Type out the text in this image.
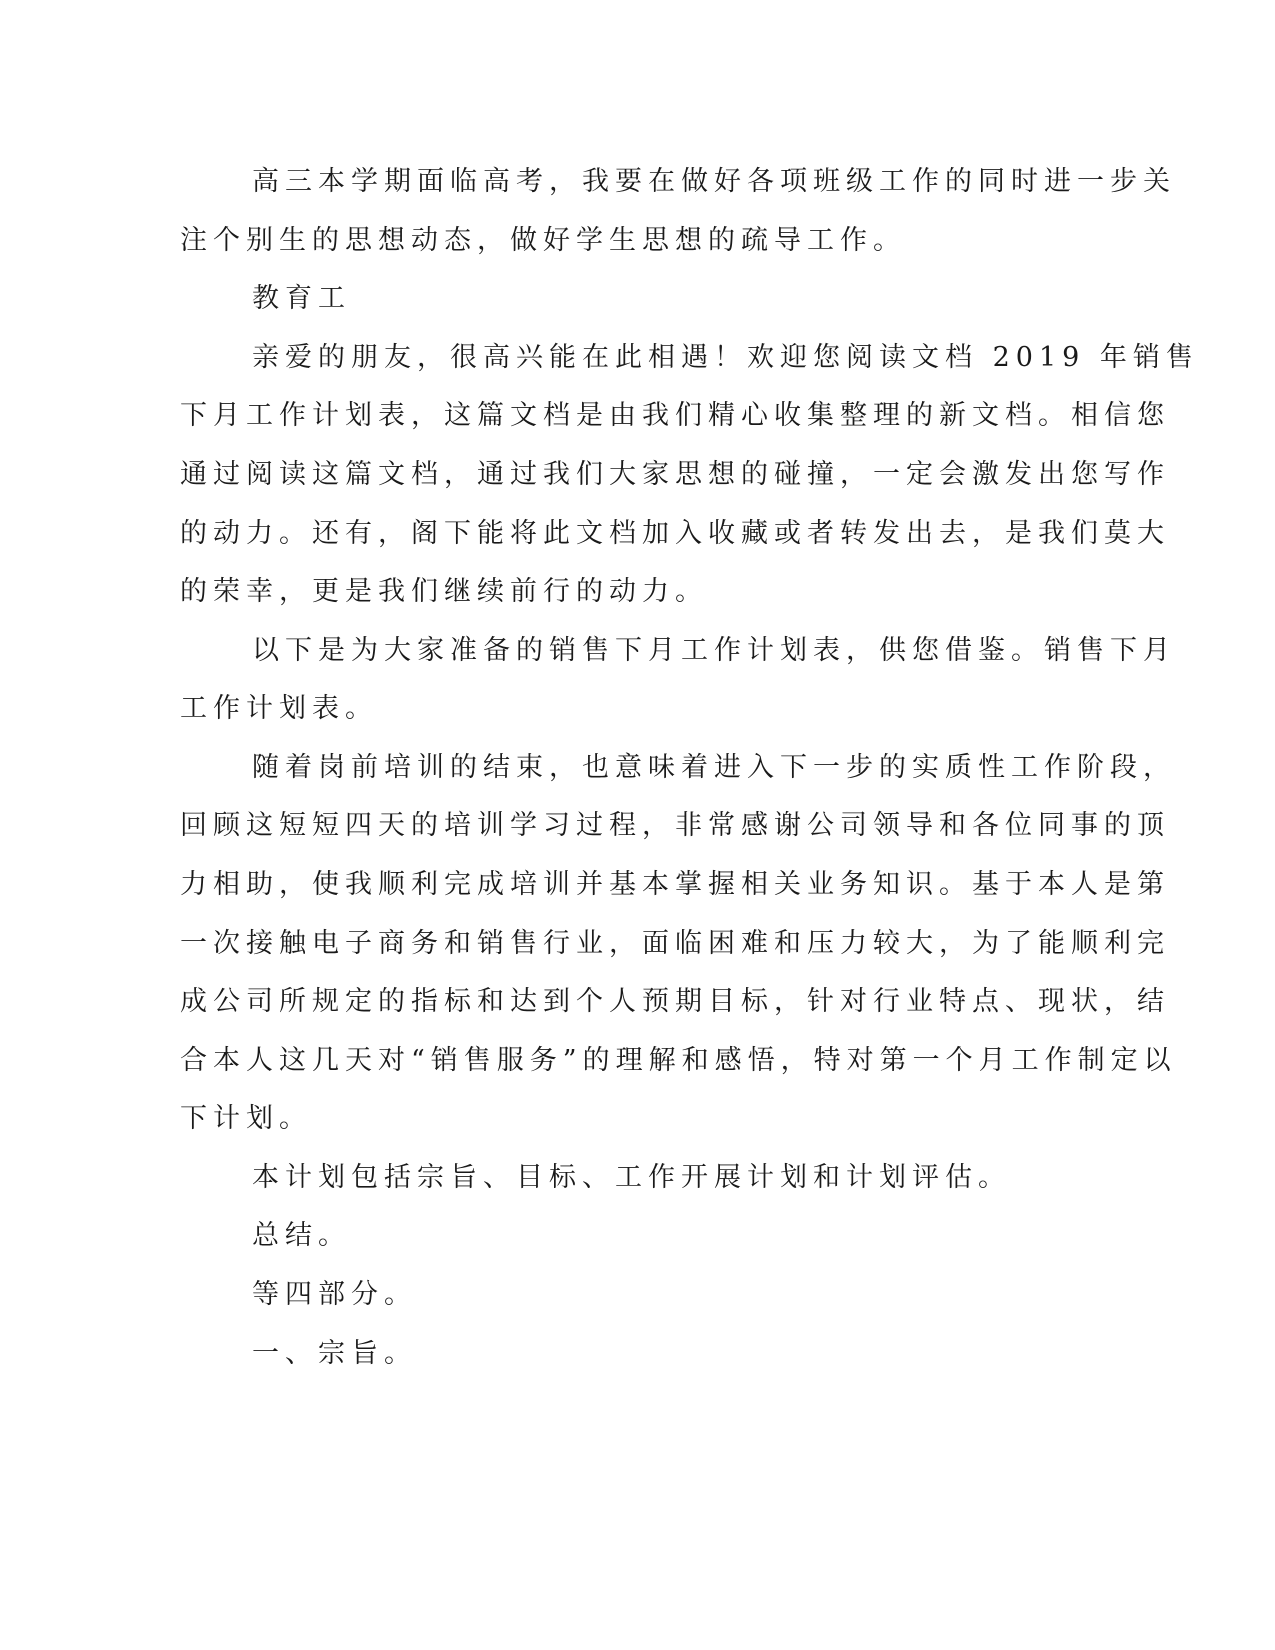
高三本学期面临高考，我要在做好各项班级工作的同时进一步关
注个别生的思想动态，做好学生思想的疏导工作。
教育工
亲爱的朋友，很高兴能在此相遇！欢迎您阅读文档 2019 年销售
下月工作计划表，这篇文档是由我们精心收集整理的新文档。相信您
通过阅读这篇文档，通过我们大家思想的碰撞，一定会激发出您写作
的动力。还有，阁下能将此文档加入收藏或者转发出去，是我们莫大
的荣幸，更是我们继续前行的动力。
以下是为大家准备的销售下月工作计划表，供您借鉴。销售下月
工作计划表。
随着岗前培训的结束，也意味着进入下一步的实质性工作阶段，
回顾这短短四天的培训学习过程，非常感谢公司领导和各位同事的顶
力相助，使我顺利完成培训并基本掌握相关业务知识。基于本人是第
一次接触电子商务和销售行业，面临困难和压力较大，为了能顺利完
成公司所规定的指标和达到个人预期目标，针对行业特点、现状，结
合本人这几天对“销售服务”的理解和感悟，特对第一个月工作制定以
下计划。
本计划包括宗旨、目标、工作开展计划和计划评估。
总结。
等四部分。
一、宗旨。
